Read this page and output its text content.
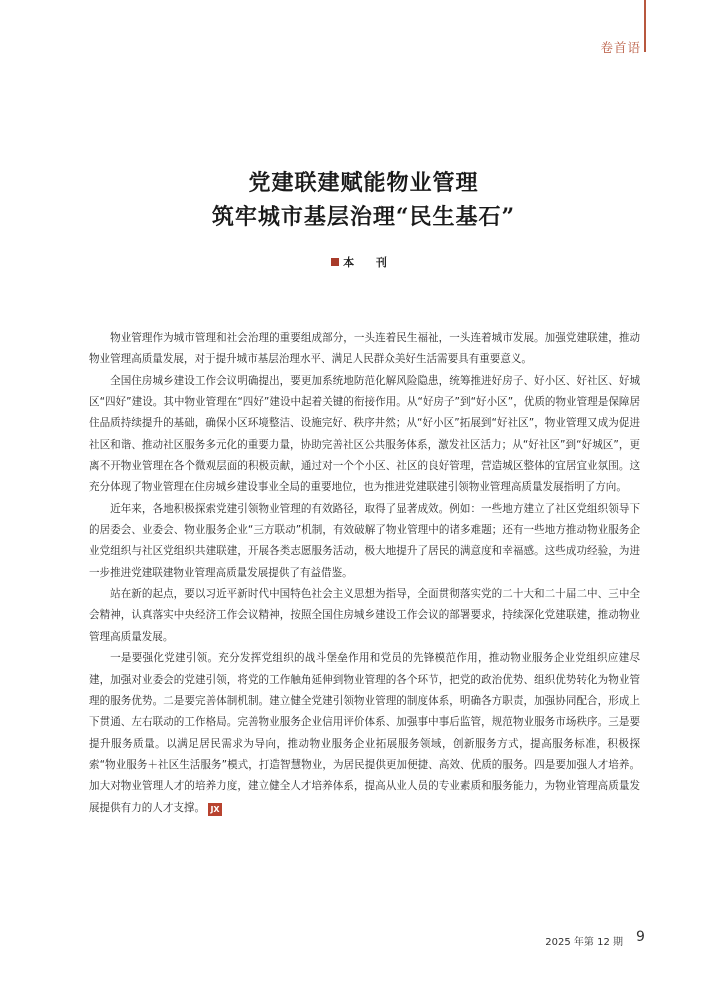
卷首语
党建联建赋能物业管理
筑牢城市基层治理“民生基石”
本 刊

物业管理作为城市管理和社会治理的重要组成部分，一头连着民生福祉，一头连着城市发展。加强党建联建，推动物业管理高质量发展，对于提升城市基层治理水平、满足人民群众美好生活需要具有重要意义。

全国住房城乡建设工作会议明确提出，要更加系统地防范化解风险隐患，统筹推进好房子、好小区、好社区、好城区“四好”建设。其中物业管理在“四好”建设中起着关键的衔接作用。从“好房子”到“好小区”，优质的物业管理是保障居住品质持续提升的基础，确保小区环境整洁、设施完好、秩序井然；从“好小区”拓展到“好社区”，物业管理又成为促进社区和谐、推动社区服务多元化的重要力量，协助完善社区公共服务体系，激发社区活力；从“好社区”到“好城区”，更离不开物业管理在各个微观层面的积极贡献，通过对一个个小区、社区的良好管理，营造城区整体的宜居宜业氛围。这充分体现了物业管理在住房城乡建设事业全局的重要地位，也为推进党建联建引领物业管理高质量发展指明了方向。

近年来，各地积极探索党建引领物业管理的有效路径，取得了显著成效。例如：一些地方建立了社区党组织领导下的居委会、业委会、物业服务企业“三方联动”机制，有效破解了物业管理中的诸多难题；还有一些地方推动物业服务企业党组织与社区党组织共建联建，开展各类志愿服务活动，极大地提升了居民的满意度和幸福感。这些成功经验，为进一步推进党建联建物业管理高质量发展提供了有益借鉴。

站在新的起点，要以习近平新时代中国特色社会主义思想为指导，全面贯彻落实党的二十大和二十届二中、三中全会精神，认真落实中央经济工作会议精神，按照全国住房城乡建设工作会议的部署要求，持续深化党建联建，推动物业管理高质量发展。

一是要强化党建引领。充分发挥党组织的战斗堡垒作用和党员的先锋模范作用，推动物业服务企业党组织应建尽建，加强对业委会的党建引领，将党的工作触角延伸到物业管理的各个环节，把党的政治优势、组织优势转化为物业管理的服务优势。二是要完善体制机制。建立健全党建引领物业管理的制度体系，明确各方职责，加强协同配合，形成上下贯通、左右联动的工作格局。完善物业服务企业信用评价体系、加强事中事后监管，规范物业服务市场秩序。三是要提升服务质量。以满足居民需求为导向，推动物业服务企业拓展服务领域，创新服务方式，提高服务标准，积极探索“物业服务＋社区生活服务”模式，打造智慧物业，为居民提供更加便捷、高效、优质的服务。四是要加强人才培养。加大对物业管理人才的培养力度，建立健全人才培养体系，提高从业人员的专业素质和服务能力，为物业管理高质量发展提供有力的人才支撑。 JX

2025 年第 12 期 9
